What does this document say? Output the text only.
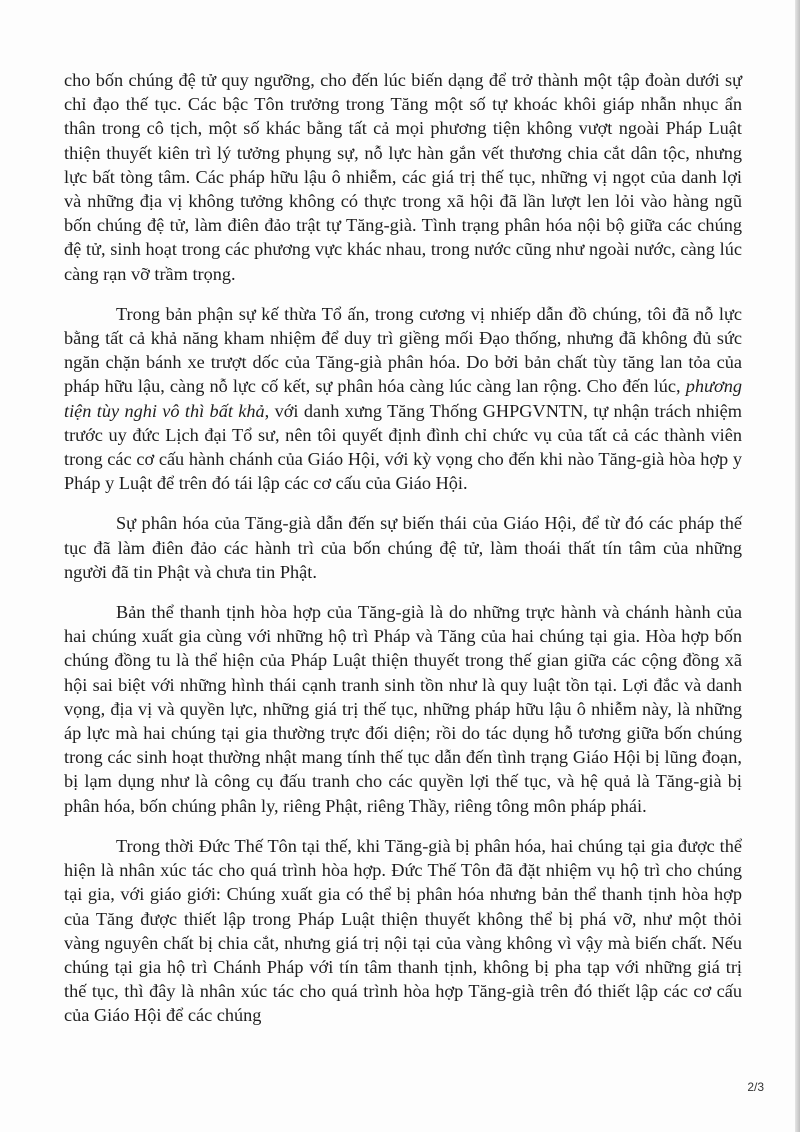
cho bốn chúng đệ tử quy ngưỡng, cho đến lúc biến dạng để trở thành một tập đoàn dưới sự chỉ đạo thế tục. Các bậc Tôn trưởng trong Tăng một số tự khoác khôi giáp nhẫn nhục ẩn thân trong cô tịch, một số khác bằng tất cả mọi phương tiện không vượt ngoài Pháp Luật thiện thuyết kiên trì lý tưởng phụng sự, nỗ lực hàn gắn vết thương chia cắt dân tộc, nhưng lực bất tòng tâm. Các pháp hữu lậu ô nhiễm, các giá trị thế tục, những vị ngọt của danh lợi và những địa vị không tưởng không có thực trong xã hội đã lần lượt len lỏi vào hàng ngũ bốn chúng đệ tử, làm điên đảo trật tự Tăng-già. Tình trạng phân hóa nội bộ giữa các chúng đệ tử, sinh hoạt trong các phương vực khác nhau, trong nước cũng như ngoài nước, càng lúc càng rạn vỡ trầm trọng.

Trong bản phận sự kế thừa Tổ ấn, trong cương vị nhiếp dẫn đồ chúng, tôi đã nỗ lực bằng tất cả khả năng kham nhiệm để duy trì giềng mối Đạo thống, nhưng đã không đủ sức ngăn chặn bánh xe trượt dốc của Tăng-già phân hóa. Do bởi bản chất tùy tăng lan tỏa của pháp hữu lậu, càng nỗ lực cố kết, sự phân hóa càng lúc càng lan rộng. Cho đến lúc, phương tiện tùy nghi vô thì bất khả, với danh xưng Tăng Thống GHPGVNTN, tự nhận trách nhiệm trước uy đức Lịch đại Tổ sư, nên tôi quyết định đình chỉ chức vụ của tất cả các thành viên trong các cơ cấu hành chánh của Giáo Hội, với kỳ vọng cho đến khi nào Tăng-già hòa hợp y Pháp y Luật để trên đó tái lập các cơ cấu của Giáo Hội.

Sự phân hóa của Tăng-già dẫn đến sự biến thái của Giáo Hội, để từ đó các pháp thế tục đã làm điên đảo các hành trì của bốn chúng đệ tử, làm thoái thất tín tâm của những người đã tin Phật và chưa tin Phật.

Bản thể thanh tịnh hòa hợp của Tăng-già là do những trực hành và chánh hành của hai chúng xuất gia cùng với những hộ trì Pháp và Tăng của hai chúng tại gia. Hòa hợp bốn chúng đồng tu là thể hiện của Pháp Luật thiện thuyết trong thế gian giữa các cộng đồng xã hội sai biệt với những hình thái cạnh tranh sinh tồn như là quy luật tồn tại. Lợi đắc và danh vọng, địa vị và quyền lực, những giá trị thế tục, những pháp hữu lậu ô nhiễm này, là những áp lực mà hai chúng tại gia thường trực đối diện; rồi do tác dụng hỗ tương giữa bốn chúng trong các sinh hoạt thường nhật mang tính thế tục dẫn đến tình trạng Giáo Hội bị lũng đoạn, bị lạm dụng như là công cụ đấu tranh cho các quyền lợi thế tục, và hệ quả là Tăng-già bị phân hóa, bốn chúng phân ly, riêng Phật, riêng Thầy, riêng tông môn pháp phái.

Trong thời Đức Thế Tôn tại thế, khi Tăng-già bị phân hóa, hai chúng tại gia được thể hiện là nhân xúc tác cho quá trình hòa hợp. Đức Thế Tôn đã đặt nhiệm vụ hộ trì cho chúng tại gia, với giáo giới: Chúng xuất gia có thể bị phân hóa nhưng bản thể thanh tịnh hòa hợp của Tăng được thiết lập trong Pháp Luật thiện thuyết không thể bị phá vỡ, như một thỏi vàng nguyên chất bị chia cắt, nhưng giá trị nội tại của vàng không vì vậy mà biến chất. Nếu chúng tại gia hộ trì Chánh Pháp với tín tâm thanh tịnh, không bị pha tạp với những giá trị thế tục, thì đây là nhân xúc tác cho quá trình hòa hợp Tăng-già trên đó thiết lập các cơ cấu của Giáo Hội để các chúng

2/3
